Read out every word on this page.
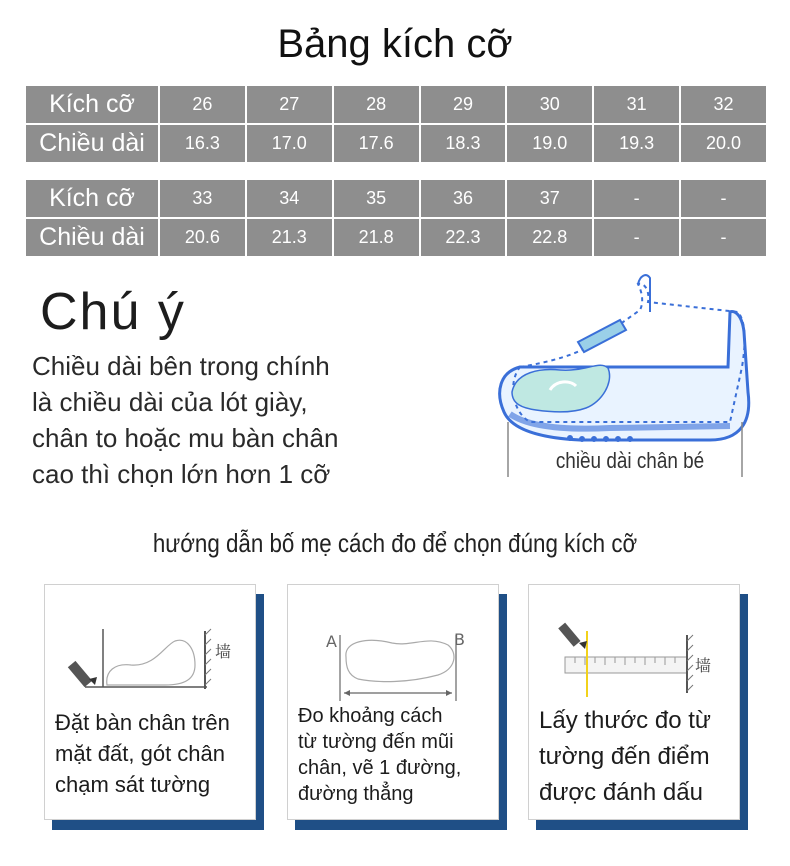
Bảng kích cỡ
Kích cỡ	26	27	28	29	30	31	32
Chiều dài	16.3	17.0	17.6	18.3	19.0	19.3	20.0
Kích cỡ	33	34	35	36	37	-	-
Chiều dài	20.6	21.3	21.8	22.3	22.8	-	-
Chú ý
Chiều dài bên trong chính
là chiều dài của lót giày,
chân to hoặc mu bàn chân
cao thì chọn lớn hơn 1 cỡ	chiều dài chân bé
hướng dẫn bố mẹ cách đo để chọn đúng kích cỡ
墙
Đặt bàn chân trên
mặt đất, gót chân
chạm sát tường
A	B
Đo khoảng cách
từ tường đến mũi
chân, vẽ 1 đường,
đường thẳng
墙
Lấy thước đo từ
tường đến điểm
được đánh dấu
